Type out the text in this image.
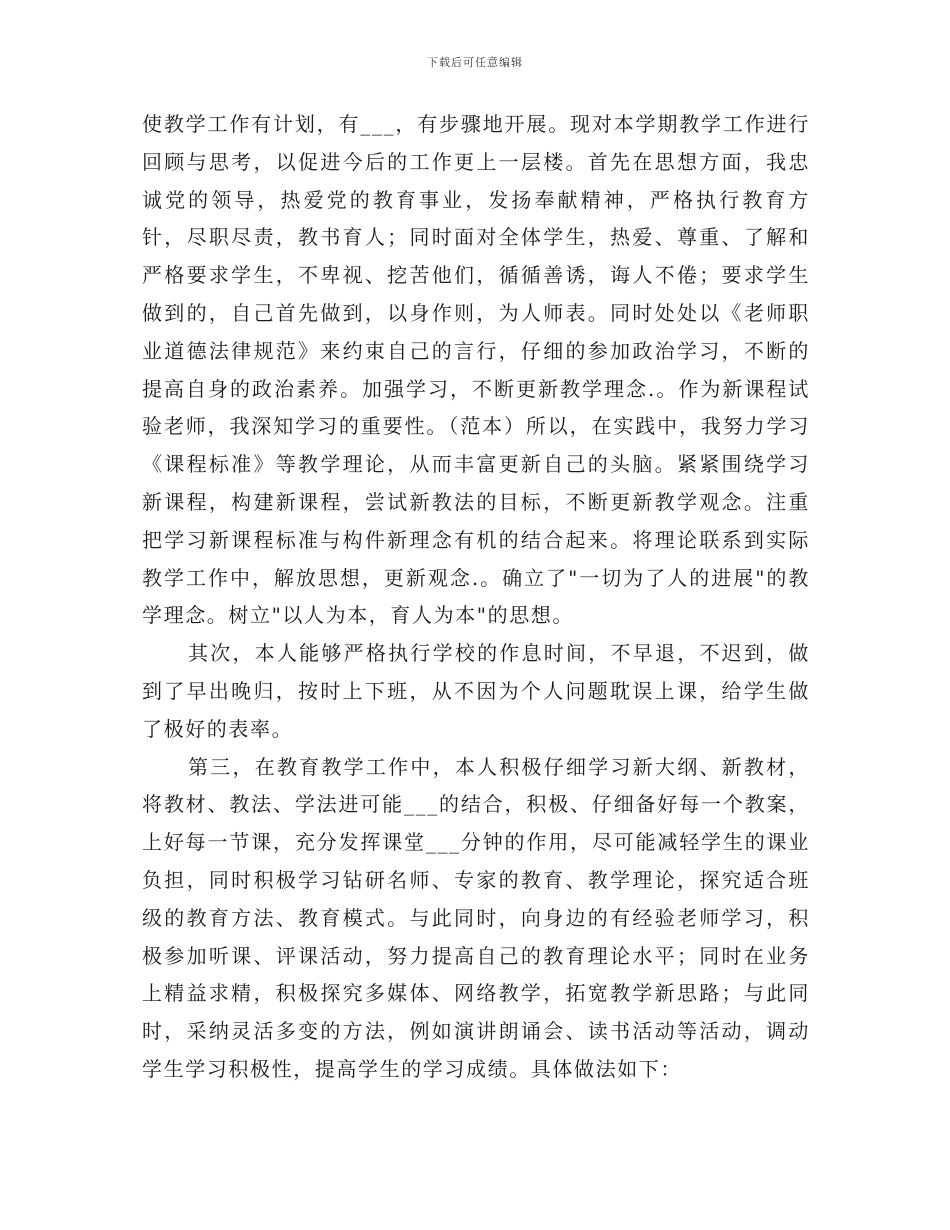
下载后可任意编辑

使教学工作有计划，有___，有步骤地开展。现对本学期教学工作进行回顾与思考，以促进今后的工作更上一层楼。首先在思想方面，我忠诚党的领导，热爱党的教育事业，发扬奉献精神，严格执行教育方针，尽职尽责，教书育人；同时面对全体学生，热爱、尊重、了解和严格要求学生，不卑视、挖苦他们，循循善诱，诲人不倦；要求学生做到的，自己首先做到，以身作则，为人师表。同时处处以《老师职业道德法律规范》来约束自己的言行，仔细的参加政治学习，不断的提高自身的政治素养。加强学习，不断更新教学理念.。作为新课程试验老师，我深知学习的重要性。（范本）所以，在实践中，我努力学习《课程标准》等教学理论，从而丰富更新自己的头脑。紧紧围绕学习新课程，构建新课程，尝试新教法的目标，不断更新教学观念。注重把学习新课程标准与构件新理念有机的结合起来。将理论联系到实际教学工作中，解放思想，更新观念.。确立了"一切为了人的进展"的教学理念。树立"以人为本，育人为本"的思想。

其次，本人能够严格执行学校的作息时间，不早退，不迟到，做到了早出晚归，按时上下班，从不因为个人问题耽误上课，给学生做了极好的表率。

第三，在教育教学工作中，本人积极仔细学习新大纲、新教材，将教材、教法、学法进可能___的结合，积极、仔细备好每一个教案，上好每一节课，充分发挥课堂___分钟的作用，尽可能减轻学生的课业负担，同时积极学习钻研名师、专家的教育、教学理论，探究适合班级的教育方法、教育模式。与此同时，向身边的有经验老师学习，积极参加听课、评课活动，努力提高自己的教育理论水平；同时在业务上精益求精，积极探究多媒体、网络教学，拓宽教学新思路；与此同时，采纳灵活多变的方法，例如演讲朗诵会、读书活动等活动，调动学生学习积极性，提高学生的学习成绩。具体做法如下：
